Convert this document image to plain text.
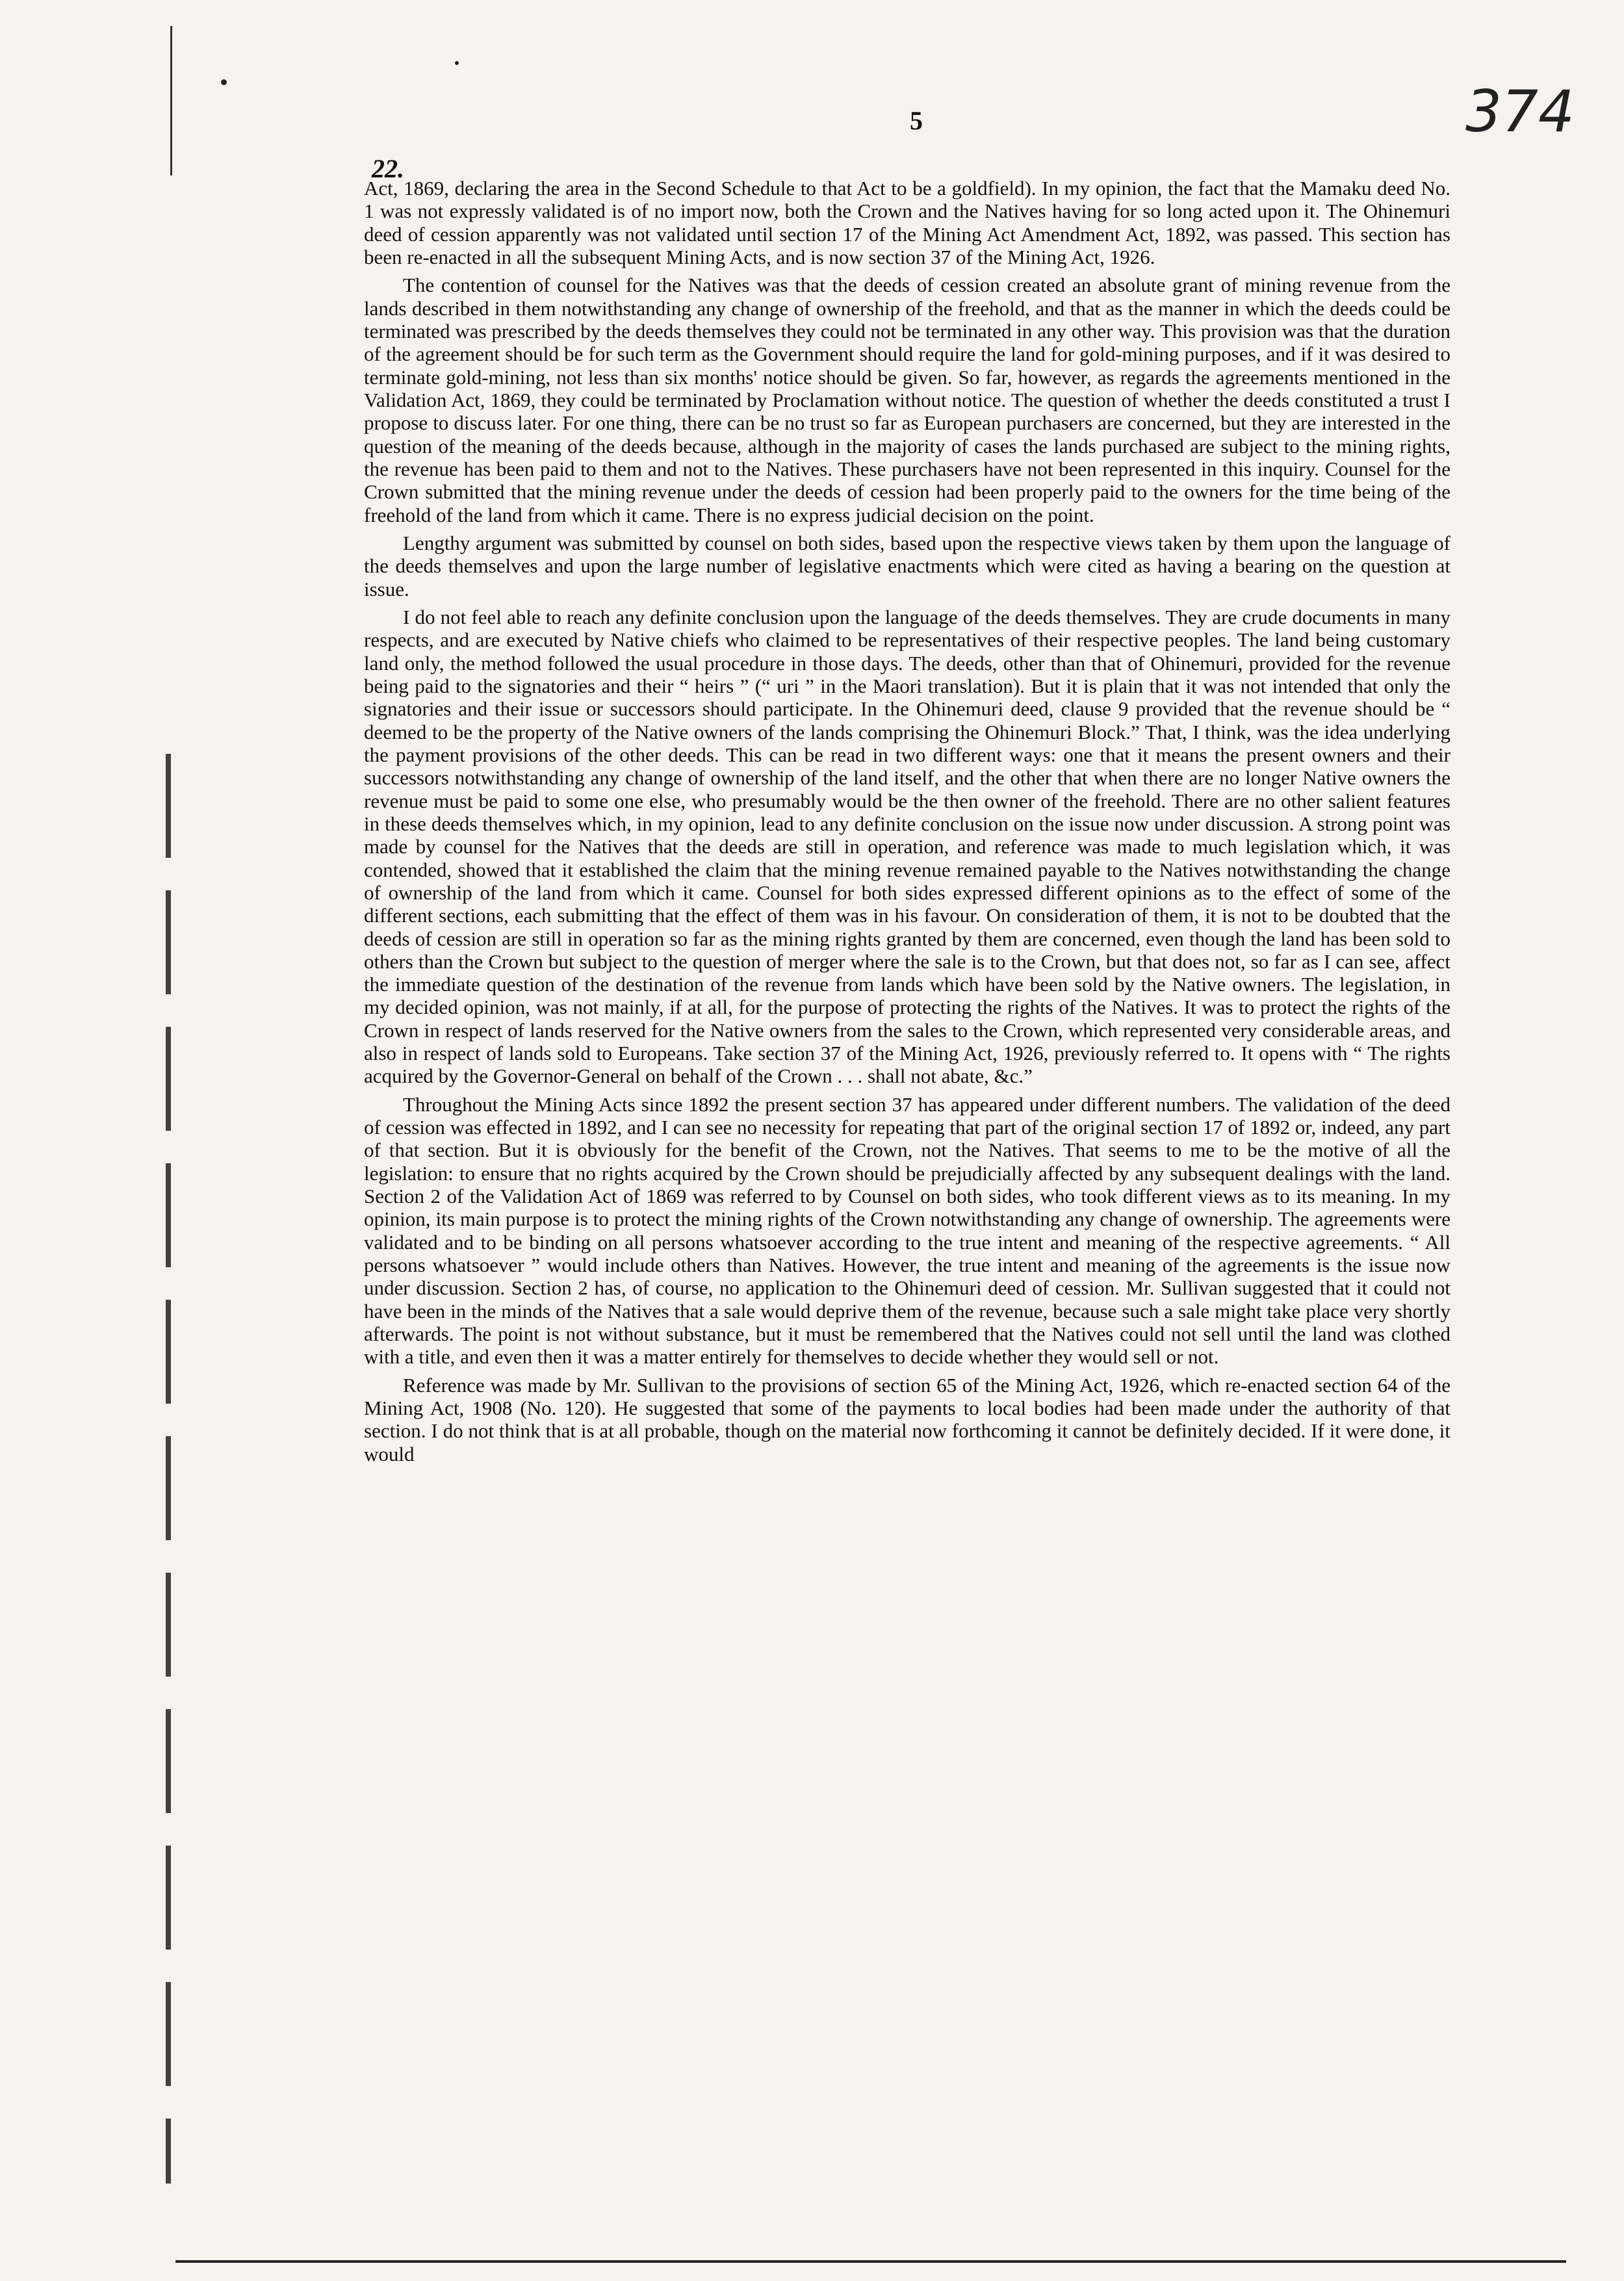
5	374
22.

Act, 1869, declaring the area in the Second Schedule to that Act to be a goldfield). In my opinion, the fact that the Mamaku deed No. 1 was not expressly validated is of no import now, both the Crown and the Natives having for so long acted upon it. The Ohinemuri deed of cession apparently was not validated until section 17 of the Mining Act Amendment Act, 1892, was passed. This section has been re-enacted in all the subsequent Mining Acts, and is now section 37 of the Mining Act, 1926.

The contention of counsel for the Natives was that the deeds of cession created an absolute grant of mining revenue from the lands described in them notwithstanding any change of ownership of the freehold, and that as the manner in which the deeds could be terminated was prescribed by the deeds themselves they could not be terminated in any other way. This provision was that the duration of the agreement should be for such term as the Government should require the land for gold-mining purposes, and if it was desired to terminate gold-mining, not less than six months' notice should be given. So far, however, as regards the agreements mentioned in the Validation Act, 1869, they could be terminated by Proclamation without notice. The question of whether the deeds constituted a trust I propose to discuss later. For one thing, there can be no trust so far as European purchasers are concerned, but they are interested in the question of the meaning of the deeds because, although in the majority of cases the lands purchased are subject to the mining rights, the revenue has been paid to them and not to the Natives. These purchasers have not been represented in this inquiry. Counsel for the Crown submitted that the mining revenue under the deeds of cession had been properly paid to the owners for the time being of the freehold of the land from which it came. There is no express judicial decision on the point.

Lengthy argument was submitted by counsel on both sides, based upon the respective views taken by them upon the language of the deeds themselves and upon the large number of legislative enactments which were cited as having a bearing on the question at issue.

I do not feel able to reach any definite conclusion upon the language of the deeds themselves. They are crude documents in many respects, and are executed by Native chiefs who claimed to be representatives of their respective peoples. The land being customary land only, the method followed the usual procedure in those days. The deeds, other than that of Ohinemuri, provided for the revenue being paid to the signatories and their “ heirs ” (“ uri ” in the Maori translation). But it is plain that it was not intended that only the signatories and their issue or successors should participate. In the Ohinemuri deed, clause 9 provided that the revenue should be “ deemed to be the property of the Native owners of the lands comprising the Ohinemuri Block.” That, I think, was the idea underlying the payment provisions of the other deeds. This can be read in two different ways: one that it means the present owners and their successors notwithstanding any change of ownership of the land itself, and the other that when there are no longer Native owners the revenue must be paid to some one else, who presumably would be the then owner of the freehold. There are no other salient features in these deeds themselves which, in my opinion, lead to any definite conclusion on the issue now under discussion. A strong point was made by counsel for the Natives that the deeds are still in operation, and reference was made to much legislation which, it was contended, showed that it established the claim that the mining revenue remained payable to the Natives notwithstanding the change of ownership of the land from which it came. Counsel for both sides expressed different opinions as to the effect of some of the different sections, each submitting that the effect of them was in his favour. On consideration of them, it is not to be doubted that the deeds of cession are still in operation so far as the mining rights granted by them are concerned, even though the land has been sold to others than the Crown but subject to the question of merger where the sale is to the Crown, but that does not, so far as I can see, affect the immediate question of the destination of the revenue from lands which have been sold by the Native owners. The legislation, in my decided opinion, was not mainly, if at all, for the purpose of protecting the rights of the Natives. It was to protect the rights of the Crown in respect of lands reserved for the Native owners from the sales to the Crown, which represented very considerable areas, and also in respect of lands sold to Europeans. Take section 37 of the Mining Act, 1926, previously referred to. It opens with “ The rights acquired by the Governor-General on behalf of the Crown . . . shall not abate, &c.”

Throughout the Mining Acts since 1892 the present section 37 has appeared under different numbers. The validation of the deed of cession was effected in 1892, and I can see no necessity for repeating that part of the original section 17 of 1892 or, indeed, any part of that section. But it is obviously for the benefit of the Crown, not the Natives. That seems to me to be the motive of all the legislation: to ensure that no rights acquired by the Crown should be prejudicially affected by any subsequent dealings with the land. Section 2 of the Validation Act of 1869 was referred to by Counsel on both sides, who took different views as to its meaning. In my opinion, its main purpose is to protect the mining rights of the Crown notwithstanding any change of ownership. The agreements were validated and to be binding on all persons whatsoever according to the true intent and meaning of the respective agreements. “ All persons whatsoever ” would include others than Natives. However, the true intent and meaning of the agreements is the issue now under discussion. Section 2 has, of course, no application to the Ohinemuri deed of cession. Mr. Sullivan suggested that it could not have been in the minds of the Natives that a sale would deprive them of the revenue, because such a sale might take place very shortly afterwards. The point is not without substance, but it must be remembered that the Natives could not sell until the land was clothed with a title, and even then it was a matter entirely for themselves to decide whether they would sell or not.

Reference was made by Mr. Sullivan to the provisions of section 65 of the Mining Act, 1926, which re-enacted section 64 of the Mining Act, 1908 (No. 120). He suggested that some of the payments to local bodies had been made under the authority of that section. I do not think that is at all probable, though on the material now forthcoming it cannot be definitely decided. If it were done, it would
